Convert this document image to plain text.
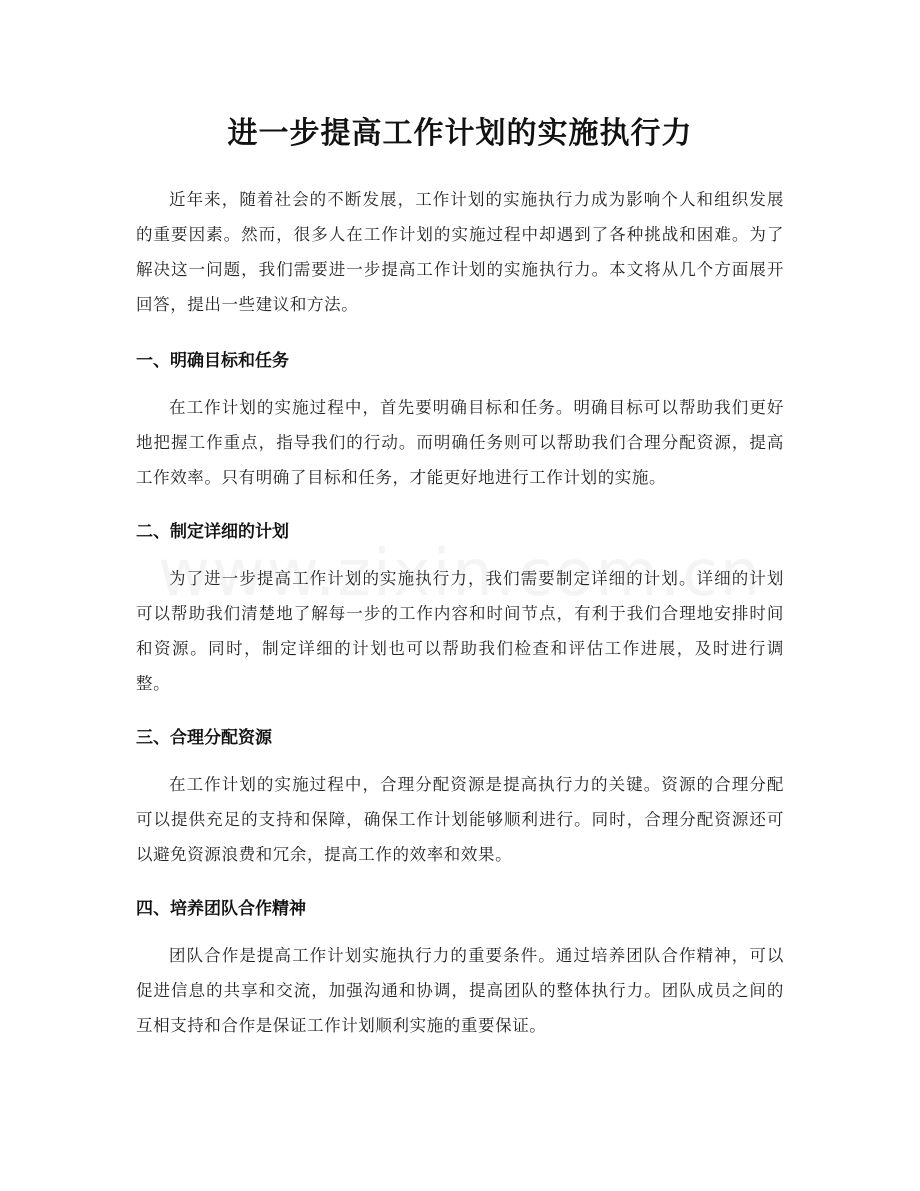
进一步提高工作计划的实施执行力

近年来，随着社会的不断发展，工作计划的实施执行力成为影响个人和组织发展的重要因素。然而，很多人在工作计划的实施过程中却遇到了各种挑战和困难。为了解决这一问题，我们需要进一步提高工作计划的实施执行力。本文将从几个方面展开回答，提出一些建议和方法。

一、明确目标和任务

在工作计划的实施过程中，首先要明确目标和任务。明确目标可以帮助我们更好地把握工作重点，指导我们的行动。而明确任务则可以帮助我们合理分配资源，提高工作效率。只有明确了目标和任务，才能更好地进行工作计划的实施。

二、制定详细的计划

为了进一步提高工作计划的实施执行力，我们需要制定详细的计划。详细的计划可以帮助我们清楚地了解每一步的工作内容和时间节点，有利于我们合理地安排时间和资源。同时，制定详细的计划也可以帮助我们检查和评估工作进展，及时进行调整。

三、合理分配资源

在工作计划的实施过程中，合理分配资源是提高执行力的关键。资源的合理分配可以提供充足的支持和保障，确保工作计划能够顺利进行。同时，合理分配资源还可以避免资源浪费和冗余，提高工作的效率和效果。

四、培养团队合作精神

团队合作是提高工作计划实施执行力的重要条件。通过培养团队合作精神，可以促进信息的共享和交流，加强沟通和协调，提高团队的整体执行力。团队成员之间的互相支持和合作是保证工作计划顺利实施的重要保证。
